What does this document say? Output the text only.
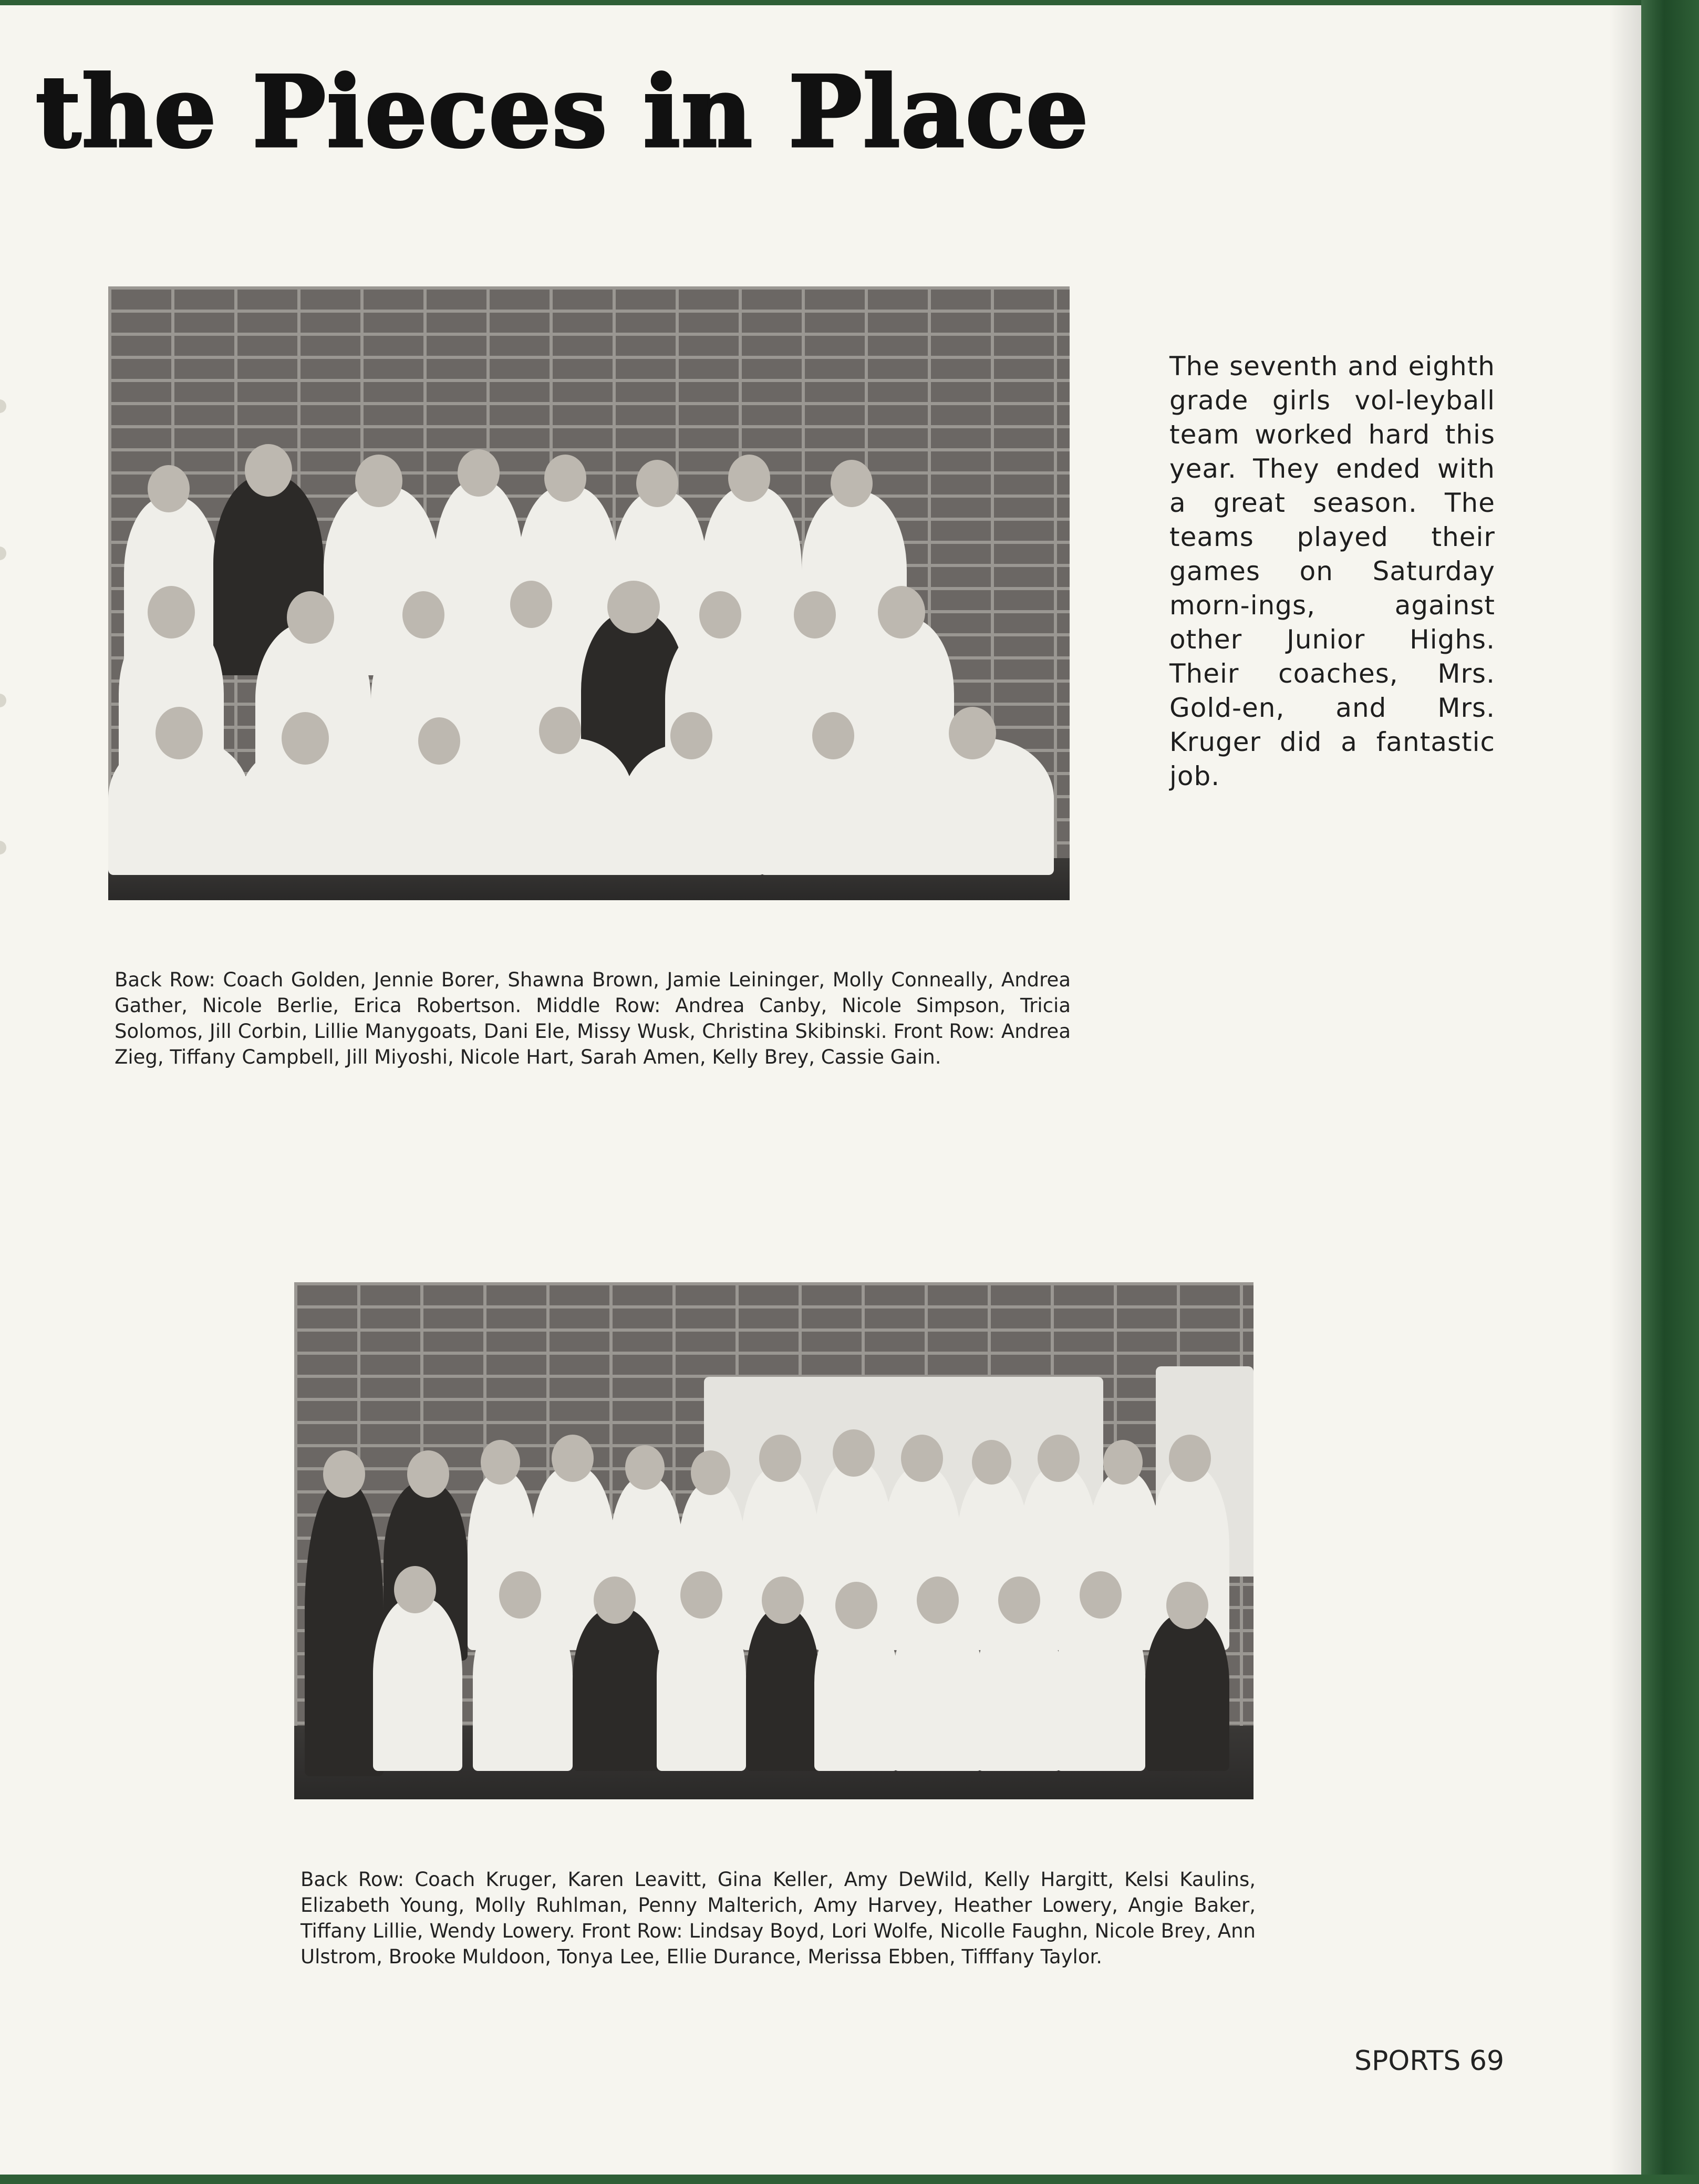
the Pieces in Place

The seventh and eighth grade girls vol-leyball team worked hard this year. They ended with a great season. The teams played their games on Saturday morn-ings, against other Junior Highs. Their coaches, Mrs. Gold-en, and Mrs. Kruger did a fantastic job.

Back Row: Coach Golden, Jennie Borer, Shawna Brown, Jamie Leininger, Molly Conneally, Andrea Gather, Nicole Berlie, Erica Robertson. Middle Row: Andrea Canby, Nicole Simpson, Tricia Solomos, Jill Corbin, Lillie Manygoats, Dani Ele, Missy Wusk, Christina Skibinski. Front Row: Andrea Zieg, Tiffany Campbell, Jill Miyoshi, Nicole Hart, Sarah Amen, Kelly Brey, Cassie Gain.

Back Row: Coach Kruger, Karen Leavitt, Gina Keller, Amy DeWild, Kelly Hargitt, Kelsi Kaulins, Elizabeth Young, Molly Ruhlman, Penny Malterich, Amy Harvey, Heather Lowery, Angie Baker, Tiffany Lillie, Wendy Lowery. Front Row: Lindsay Boyd, Lori Wolfe, Nicolle Faughn, Nicole Brey, Ann Ulstrom, Brooke Muldoon, Tonya Lee, Ellie Durance, Merissa Ebben, Tifffany Taylor.

SPORTS 69
